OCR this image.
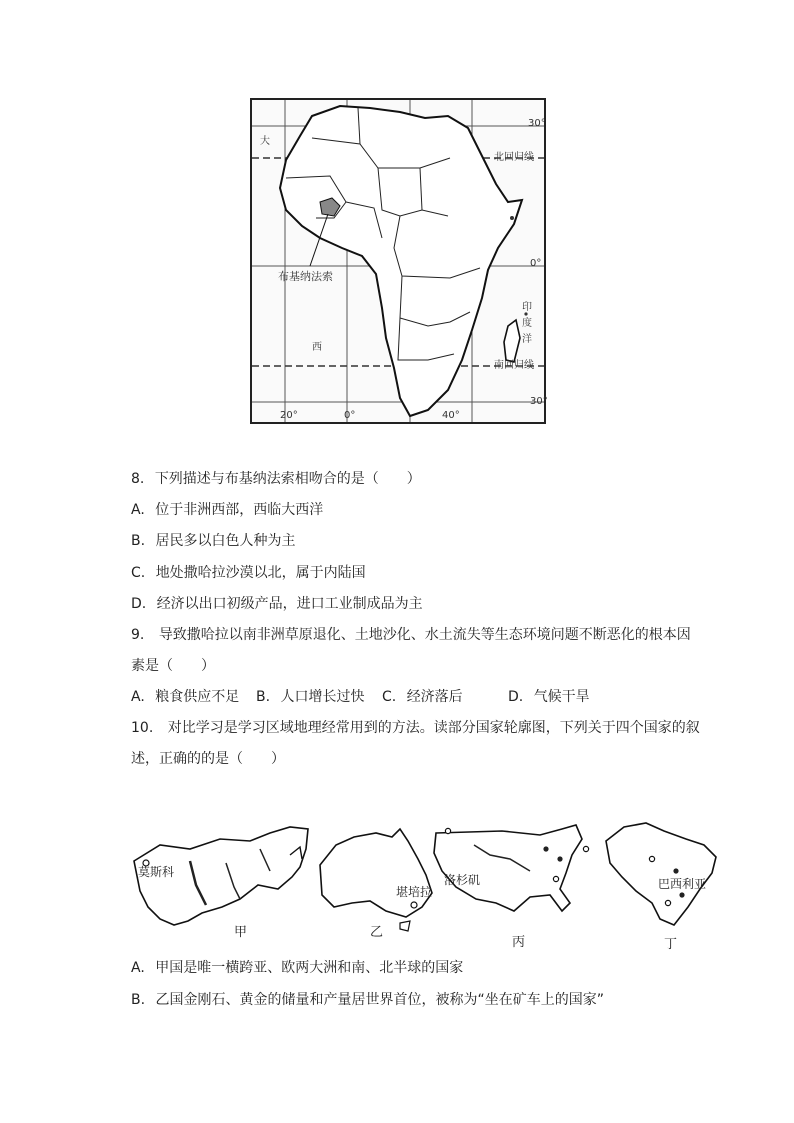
30°
北回归线
0°
南回归线
30°
20°	0°	40°
大
印
度
洋
西
布基纳法索
8. 下列描述与布基纳法索相吻合的是（　　）
A. 位于非洲西部，西临大西洋
B. 居民多以白色人种为主
C. 地处撒哈拉沙漠以北，属于内陆国
D. 经济以出口初级产品，进口工业制成品为主
9. 导致撒哈拉以南非洲草原退化、土地沙化、水土流失等生态环境问题不断恶化的根本因
素是（　　）
A. 粮食供应不足 B. 人口增长过快 C. 经济落后	D. 气候干旱
10. 对比学习是学习区域地理经常用到的方法。读部分国家轮廓图，下列关于四个国家的叙
述，正确的的是（　　）
莫斯科
堪培拉
洛杉矶	巴西利亚
甲	乙
丙	丁
A. 甲国是唯一横跨亚、欧两大洲和南、北半球的国家
B. 乙国金刚石、黄金的储量和产量居世界首位，被称为“坐在矿车上的国家”
